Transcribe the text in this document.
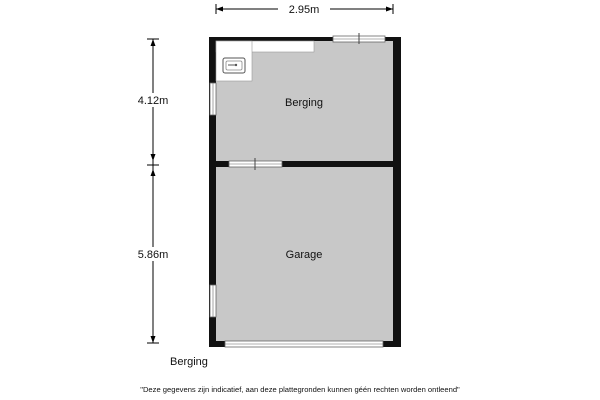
2.95m
4.12m
5.86m
Berging
Garage
Berging
"Deze gegevens zijn indicatief, aan deze plattegronden kunnen géén rechten worden ontleend"
